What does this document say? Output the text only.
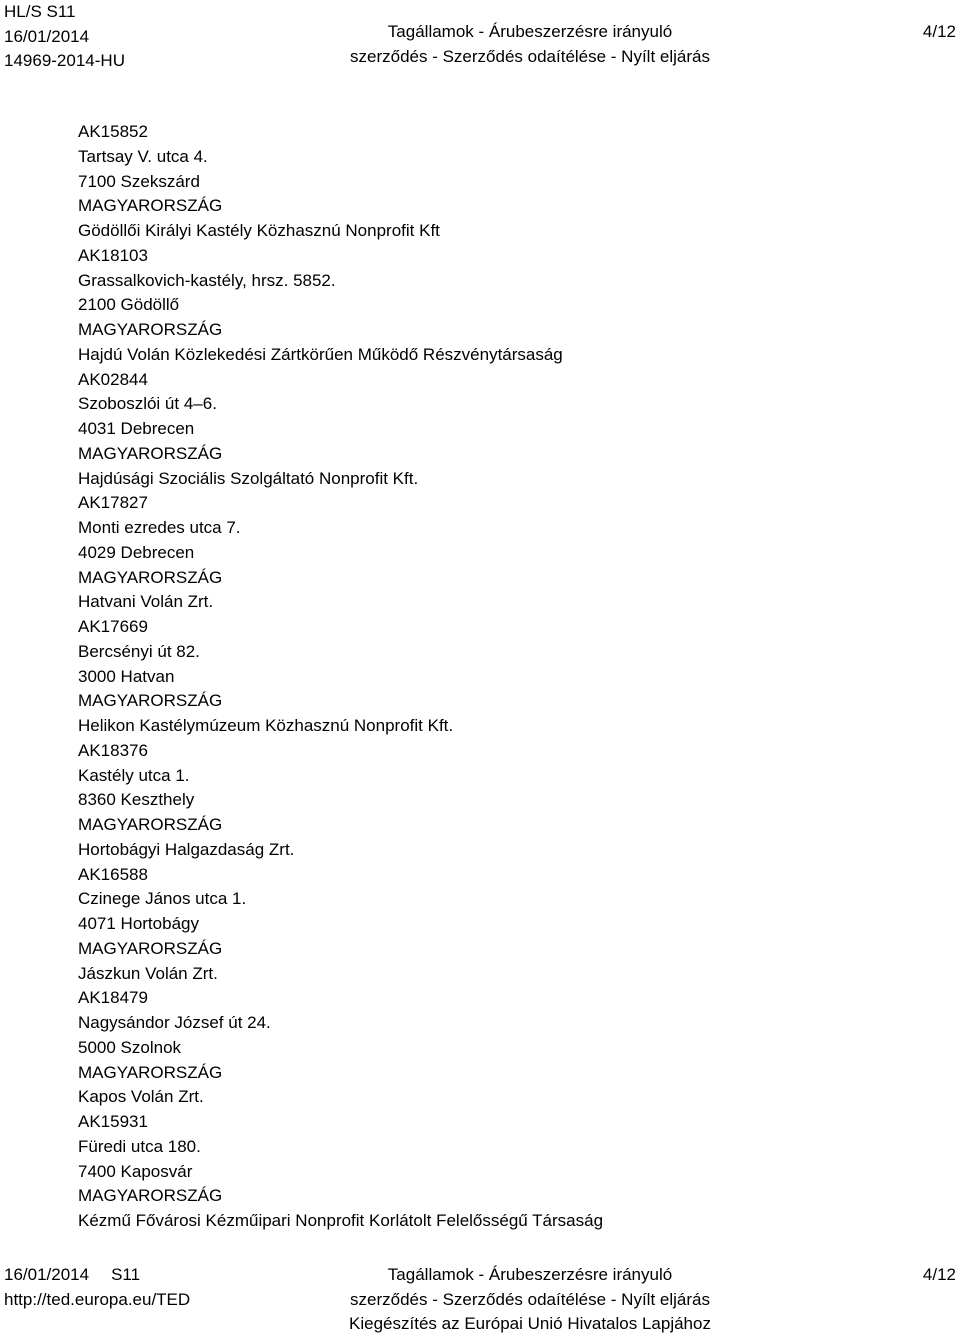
HL/S S11
16/01/2014
14969-2014-HU
Tagállamok - Árubeszerzésre irányuló
szerződés - Szerződés odaítélése - Nyílt eljárás
4/12
AK15852
Tartsay V. utca 4.
7100 Szekszárd
MAGYARORSZÁG
Gödöllői Királyi Kastély Közhasznú Nonprofit Kft
AK18103
Grassalkovich-kastély, hrsz. 5852.
2100 Gödöllő
MAGYARORSZÁG
Hajdú Volán Közlekedési Zártkörűen Működő Részvénytársaság
AK02844
Szoboszlói út 4–6.
4031 Debrecen
MAGYARORSZÁG
Hajdúsági Szociális Szolgáltató Nonprofit Kft.
AK17827
Monti ezredes utca 7.
4029 Debrecen
MAGYARORSZÁG
Hatvani Volán Zrt.
AK17669
Bercsényi út 82.
3000 Hatvan
MAGYARORSZÁG
Helikon Kastélymúzeum Közhasznú Nonprofit Kft.
AK18376
Kastély utca 1.
8360 Keszthely
MAGYARORSZÁG
Hortobágyi Halgazdaság Zrt.
AK16588
Czinege János utca 1.
4071 Hortobágy
MAGYARORSZÁG
Jászkun Volán Zrt.
AK18479
Nagysándor József út 24.
5000 Szolnok
MAGYARORSZÁG
Kapos Volán Zrt.
AK15931
Füredi utca 180.
7400 Kaposvár
MAGYARORSZÁG
Kézmű Fővárosi Kézműipari Nonprofit Korlátolt Felelősségű Társaság
16/01/2014 S11
http://ted.europa.eu/TED
Tagállamok - Árubeszerzésre irányuló
szerződés - Szerződés odaítélése - Nyílt eljárás
Kiegészítés az Európai Unió Hivatalos Lapjához
4/12
